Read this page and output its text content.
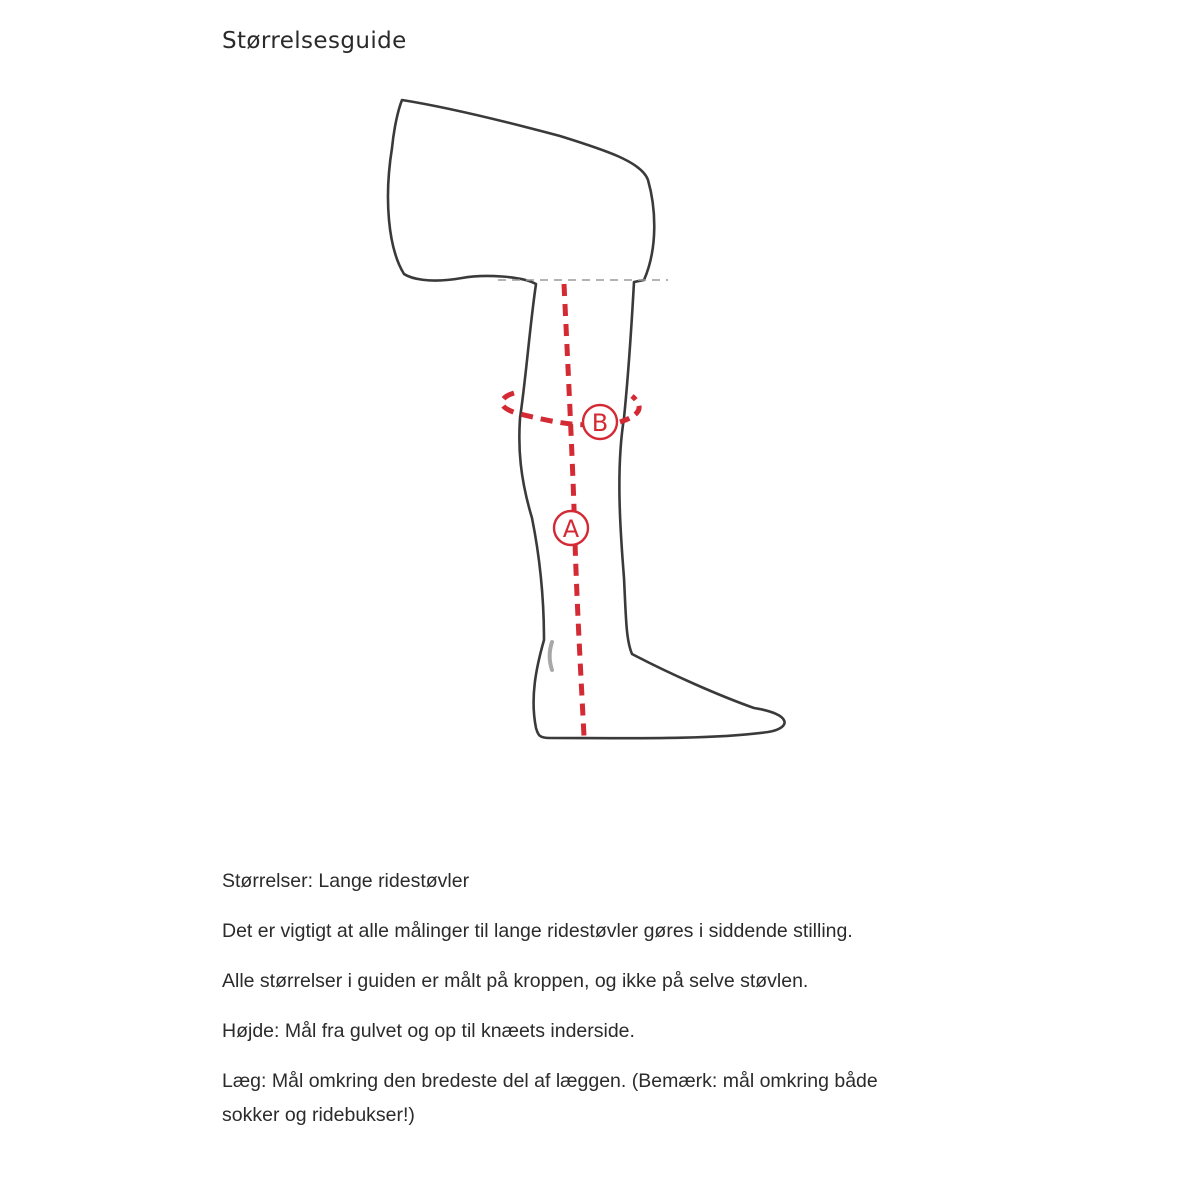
Størrelsesguide
B
A

Størrelser: Lange ridestøvler

Det er vigtigt at alle målinger til lange ridestøvler gøres i siddende stilling.

Alle størrelser i guiden er målt på kroppen, og ikke på selve støvlen.

Højde: Mål fra gulvet og op til knæets inderside.

Læg: Mål omkring den bredeste del af læggen. (Bemærk: mål omkring både sokker og ridebukser!)
